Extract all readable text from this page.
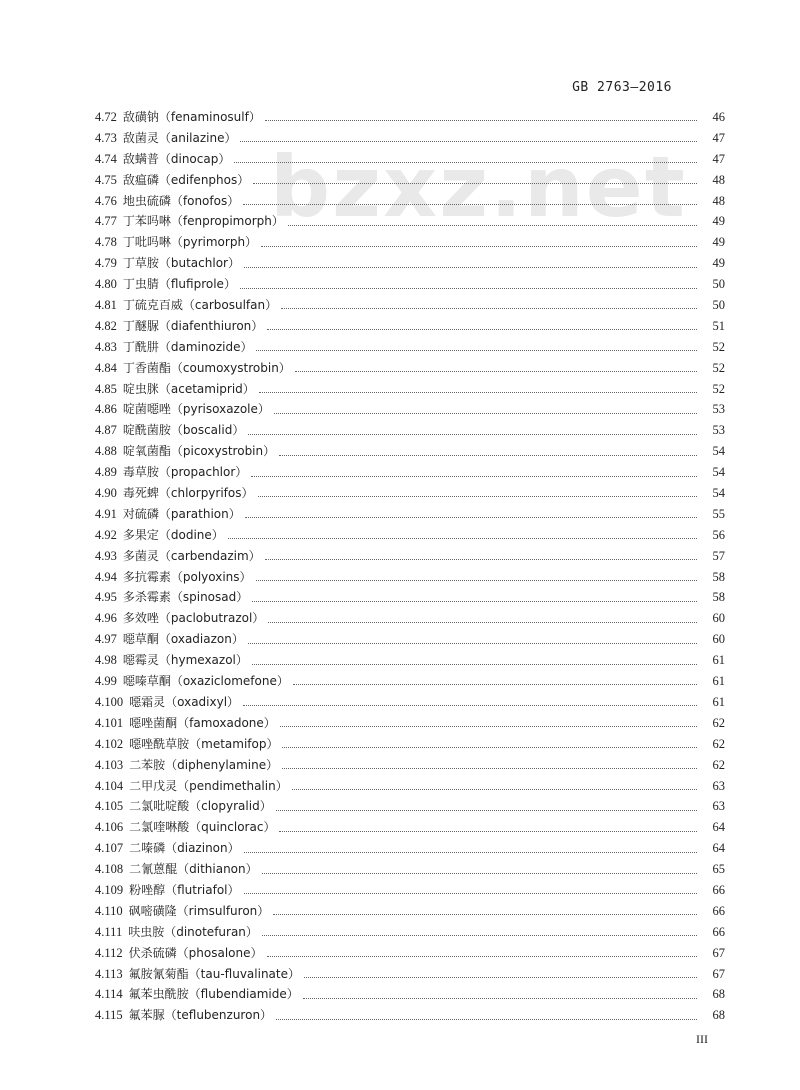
GB 2763—2016
bzxz.net
4.72 敌磺钠（fenaminosulf）	46
4.73 敌菌灵（anilazine）	47
4.74 敌螨普（dinocap）	47
4.75 敌瘟磷（edifenphos）	48
4.76 地虫硫磷（fonofos）	48
4.77 丁苯吗啉（fenpropimorph）	49
4.78 丁吡吗啉（pyrimorph）	49
4.79 丁草胺（butachlor）	49
4.80 丁虫腈（flufiprole）	50
4.81 丁硫克百威（carbosulfan）	50
4.82 丁醚脲（diafenthiuron）	51
4.83 丁酰肼（daminozide）	52
4.84 丁香菌酯（coumoxystrobin）	52
4.85 啶虫脒（acetamiprid）	52
4.86 啶菌噁唑（pyrisoxazole）	53
4.87 啶酰菌胺（boscalid）	53
4.88 啶氧菌酯（picoxystrobin）	54
4.89 毒草胺（propachlor）	54
4.90 毒死蜱（chlorpyrifos）	54
4.91 对硫磷（parathion）	55
4.92 多果定（dodine）	56
4.93 多菌灵（carbendazim）	57
4.94 多抗霉素（polyoxins）	58
4.95 多杀霉素（spinosad）	58
4.96 多效唑（paclobutrazol）	60
4.97 噁草酮（oxadiazon）	60
4.98 噁霉灵（hymexazol）	61
4.99 噁嗪草酮（oxaziclomefone）	61
4.100 噁霜灵（oxadixyl）	61
4.101 噁唑菌酮（famoxadone）	62
4.102 噁唑酰草胺（metamifop）	62
4.103 二苯胺（diphenylamine）	62
4.104 二甲戊灵（pendimethalin）	63
4.105 二氯吡啶酸（clopyralid）	63
4.106 二氯喹啉酸（quinclorac）	64
4.107 二嗪磷（diazinon）	64
4.108 二氰蒽醌（dithianon）	65
4.109 粉唑醇（flutriafol）	66
4.110 砜嘧磺隆（rimsulfuron）	66
4.111 呋虫胺（dinotefuran）	66
4.112 伏杀硫磷（phosalone）	67
4.113 氟胺氰菊酯（tau-fluvalinate）	67
4.114 氟苯虫酰胺（flubendiamide）	68
4.115 氟苯脲（teflubenzuron）	68
III
